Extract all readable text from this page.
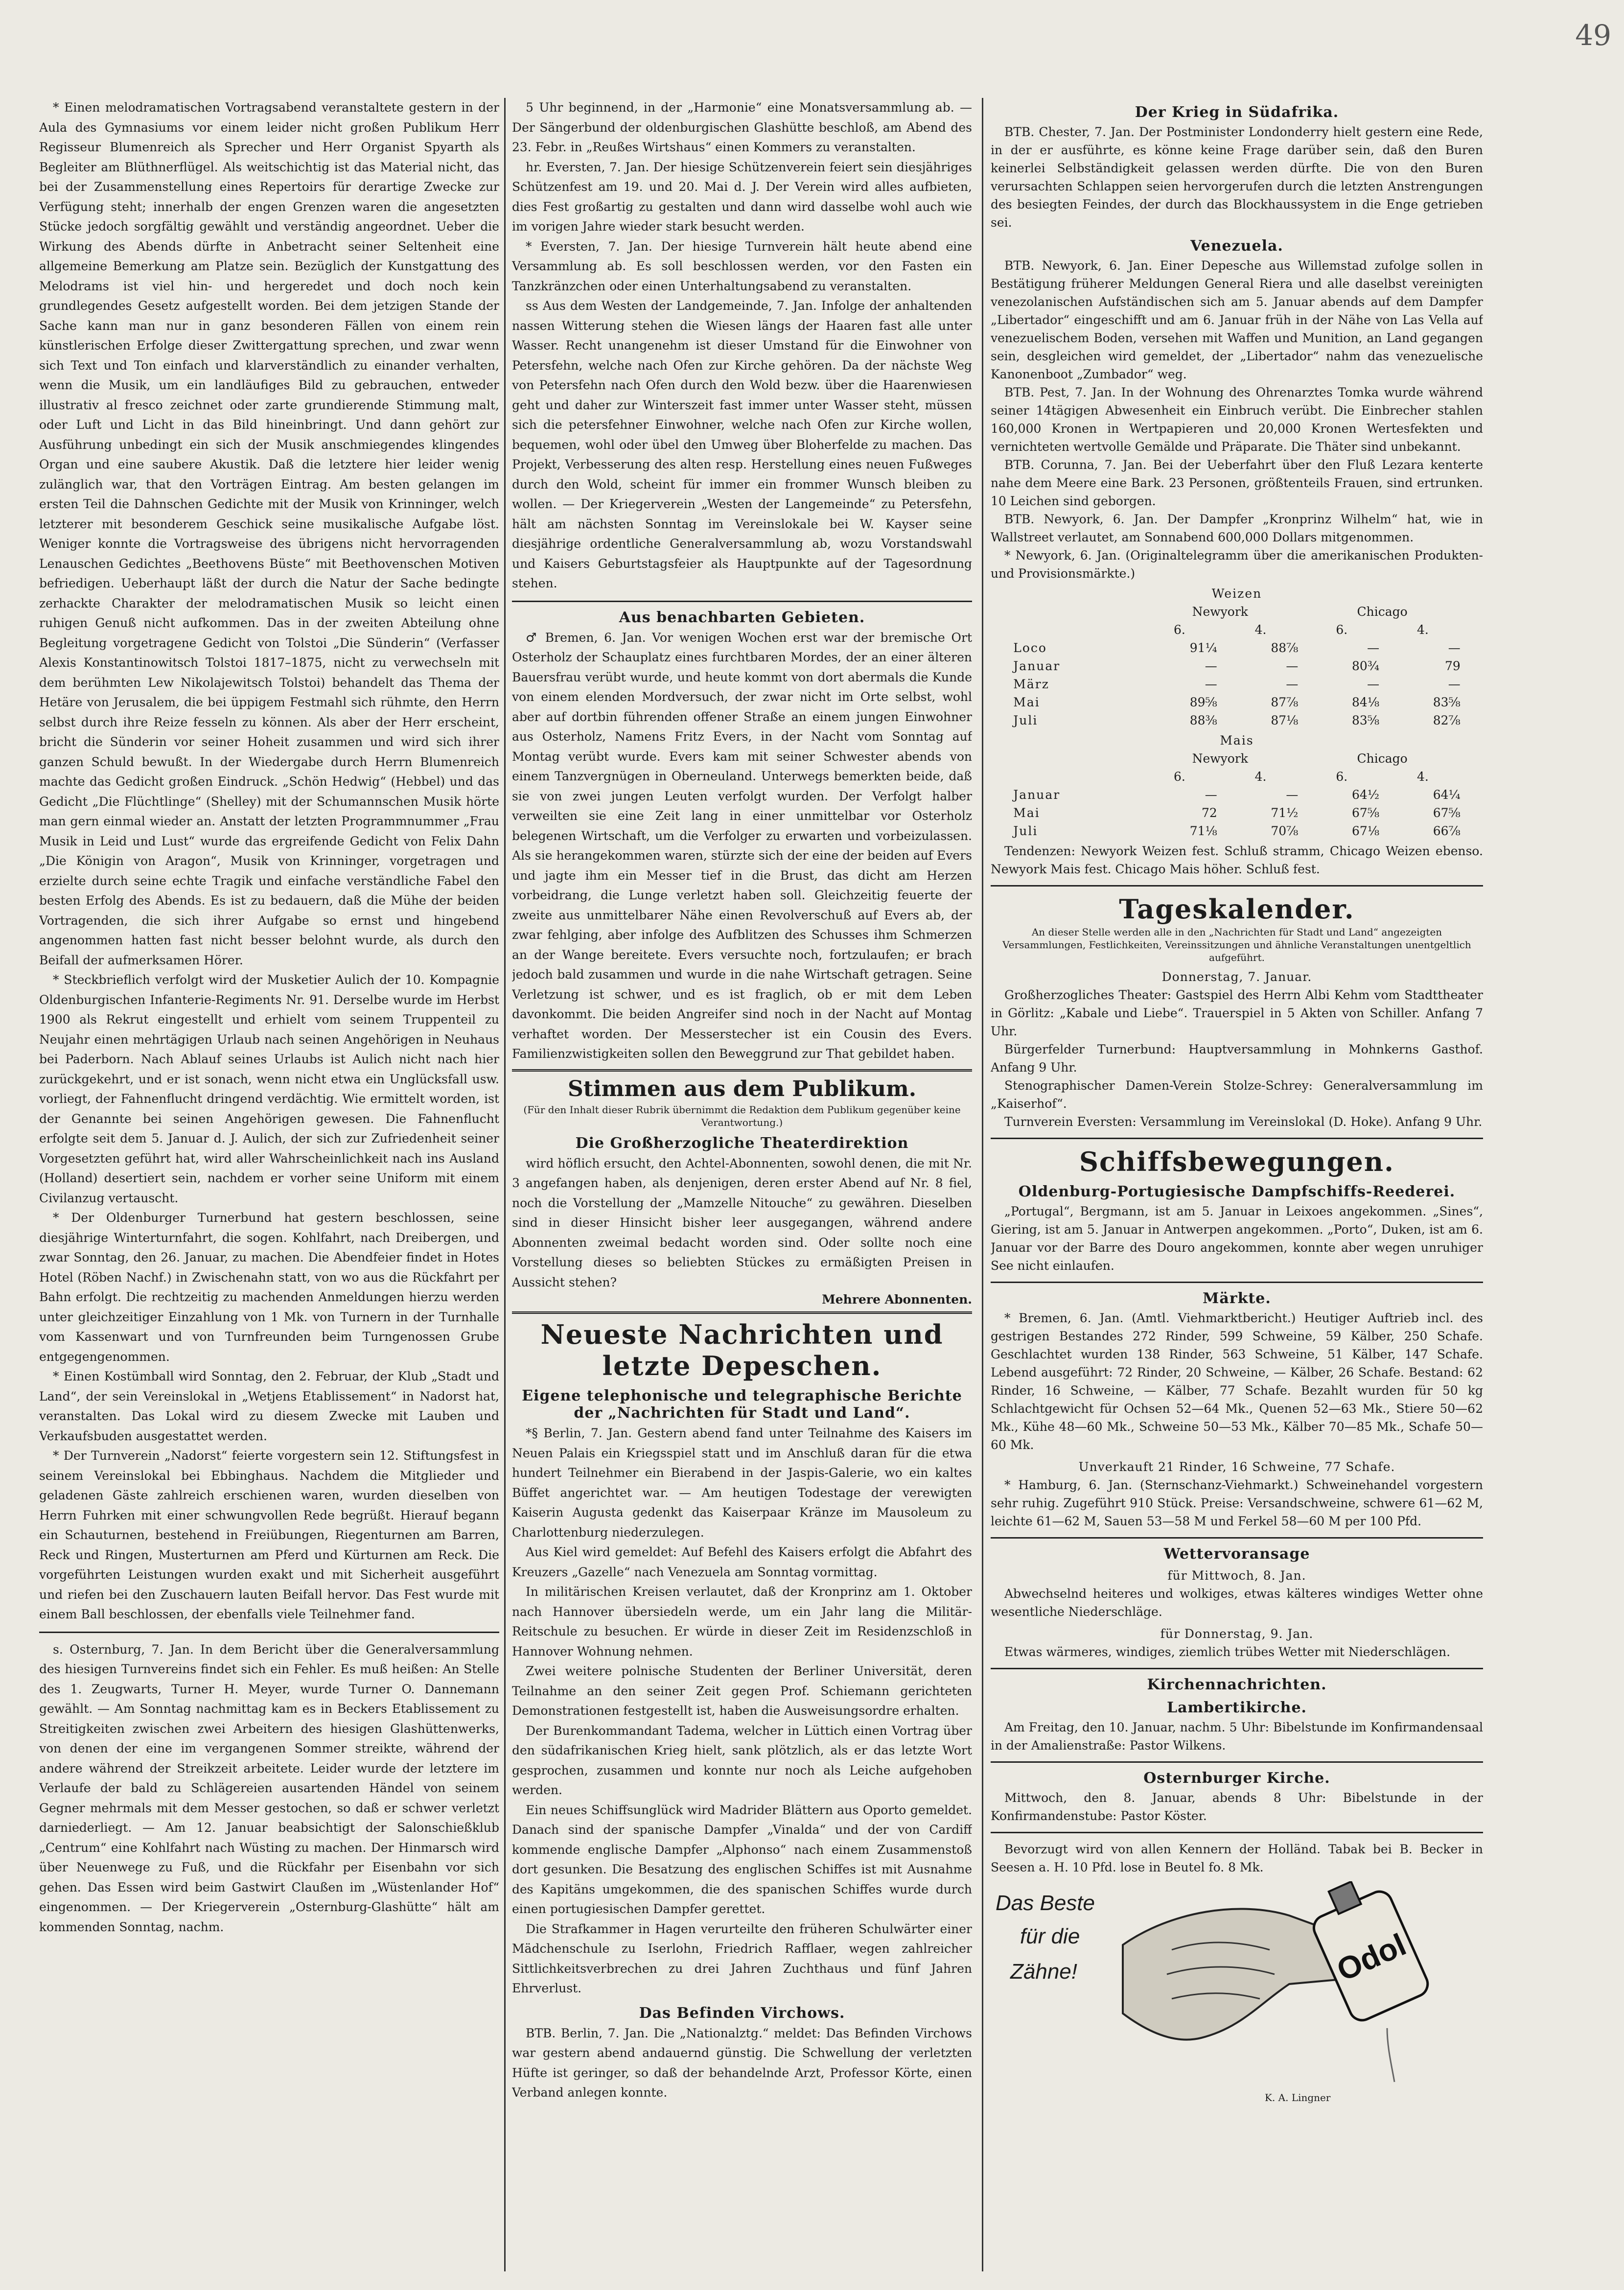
49

* Einen melodramatischen Vortragsabend veranstaltete gestern in der Aula des Gymnasiums vor einem leider nicht großen Publikum Herr Regisseur Blumenreich als Sprecher und Herr Organist Spyarth als Begleiter am Blüthnerflügel. Als weitschichtig ist das Material nicht, das bei der Zusammenstellung eines Repertoirs für derartige Zwecke zur Verfügung steht; innerhalb der engen Grenzen waren die angesetzten Stücke jedoch sorgfältig gewählt und verständig angeordnet. Ueber die Wirkung des Abends dürfte in Anbetracht seiner Seltenheit eine allgemeine Bemerkung am Platze sein. Bezüglich der Kunstgattung des Melodrams ist viel hin- und hergeredet und doch noch kein grundlegendes Gesetz aufgestellt worden. Bei dem jetzigen Stande der Sache kann man nur in ganz besonderen Fällen von einem rein künstlerischen Erfolge dieser Zwittergattung sprechen, und zwar wenn sich Text und Ton einfach und klarverständlich zu einander verhalten, wenn die Musik, um ein landläufiges Bild zu gebrauchen, entweder illustrativ al fresco zeichnet oder zarte grundierende Stimmung malt, oder Luft und Licht in das Bild hineinbringt. Und dann gehört zur Ausführung unbedingt ein sich der Musik anschmiegendes klingendes Organ und eine saubere Akustik. Daß die letztere hier leider wenig zulänglich war, that den Vorträgen Eintrag. Am besten gelangen im ersten Teil die Dahnschen Gedichte mit der Musik von Krinninger, welch letzterer mit besonderem Geschick seine musikalische Aufgabe löst. Weniger konnte die Vortragsweise des übrigens nicht hervorragenden Lenauschen Gedichtes „Beethovens Büste“ mit Beethovenschen Motiven befriedigen. Ueberhaupt läßt der durch die Natur der Sache bedingte zerhackte Charakter der melodramatischen Musik so leicht einen ruhigen Genuß nicht aufkommen. Das in der zweiten Abteilung ohne Begleitung vorgetragene Gedicht von Tolstoi „Die Sünderin“ (Verfasser Alexis Konstantinowitsch Tolstoi 1817–1875, nicht zu verwechseln mit dem berühmten Lew Nikolajewitsch Tolstoi) behandelt das Thema der Hetäre von Jerusalem, die bei üppigem Festmahl sich rühmte, den Herrn selbst durch ihre Reize fesseln zu können. Als aber der Herr erscheint, bricht die Sünderin vor seiner Hoheit zusammen und wird sich ihrer ganzen Schuld bewußt. In der Wiedergabe durch Herrn Blumenreich machte das Gedicht großen Eindruck. „Schön Hedwig“ (Hebbel) und das Gedicht „Die Flüchtlinge“ (Shelley) mit der Schumannschen Musik hörte man gern einmal wieder an. Anstatt der letzten Programmnummer „Frau Musik in Leid und Lust“ wurde das ergreifende Gedicht von Felix Dahn „Die Königin von Aragon“, Musik von Krinninger, vorgetragen und erzielte durch seine echte Tragik und einfache verständliche Fabel den besten Erfolg des Abends. Es ist zu bedauern, daß die Mühe der beiden Vortragenden, die sich ihrer Aufgabe so ernst und hingebend angenommen hatten fast nicht besser belohnt wurde, als durch den Beifall der aufmerksamen Hörer.

* Steckbrieflich verfolgt wird der Musketier Aulich der 10. Kompagnie Oldenburgischen Infanterie-Regiments Nr. 91. Derselbe wurde im Herbst 1900 als Rekrut eingestellt und erhielt vom seinem Truppenteil zu Neujahr einen mehrtägigen Urlaub nach seinen Angehörigen in Neuhaus bei Paderborn. Nach Ablauf seines Urlaubs ist Aulich nicht nach hier zurückgekehrt, und er ist sonach, wenn nicht etwa ein Unglücksfall usw. vorliegt, der Fahnenflucht dringend verdächtig. Wie ermittelt worden, ist der Genannte bei seinen Angehörigen gewesen. Die Fahnenflucht erfolgte seit dem 5. Januar d. J. Aulich, der sich zur Zufriedenheit seiner Vorgesetzten geführt hat, wird aller Wahrscheinlichkeit nach ins Ausland (Holland) desertiert sein, nachdem er vorher seine Uniform mit einem Civilanzug vertauscht.

* Der Oldenburger Turnerbund hat gestern beschlossen, seine diesjährige Winterturnfahrt, die sogen. Kohlfahrt, nach Dreibergen, und zwar Sonntag, den 26. Januar, zu machen. Die Abendfeier findet in Hotes Hotel (Röben Nachf.) in Zwischenahn statt, von wo aus die Rückfahrt per Bahn erfolgt. Die rechtzeitig zu machenden Anmeldungen hierzu werden unter gleichzeitiger Einzahlung von 1 Mk. von Turnern in der Turnhalle vom Kassenwart und von Turnfreunden beim Turngenossen Grube entgegengenommen.

* Einen Kostümball wird Sonntag, den 2. Februar, der Klub „Stadt und Land“, der sein Vereinslokal in „Wetjens Etablissement“ in Nadorst hat, veranstalten. Das Lokal wird zu diesem Zwecke mit Lauben und Verkaufsbuden ausgestattet werden.

* Der Turnverein „Nadorst“ feierte vorgestern sein 12. Stiftungsfest in seinem Vereinslokal bei Ebbinghaus. Nachdem die Mitglieder und geladenen Gäste zahlreich erschienen waren, wurden dieselben von Herrn Fuhrken mit einer schwungvollen Rede begrüßt. Hierauf begann ein Schauturnen, bestehend in Freiübungen, Riegenturnen am Barren, Reck und Ringen, Musterturnen am Pferd und Kürturnen am Reck. Die vorgeführten Leistungen wurden exakt und mit Sicherheit ausgeführt und riefen bei den Zuschauern lauten Beifall hervor. Das Fest wurde mit einem Ball beschlossen, der ebenfalls viele Teilnehmer fand.

s. Osternburg, 7. Jan. In dem Bericht über die Generalversammlung des hiesigen Turnvereins findet sich ein Fehler. Es muß heißen: An Stelle des 1. Zeugwarts, Turner H. Meyer, wurde Turner O. Dannemann gewählt. — Am Sonntag nachmittag kam es in Beckers Etablissement zu Streitigkeiten zwischen zwei Arbeitern des hiesigen Glashüttenwerks, von denen der eine im vergangenen Sommer streikte, während der andere während der Streikzeit arbeitete. Leider wurde der letztere im Verlaufe der bald zu Schlägereien ausartenden Händel von seinem Gegner mehrmals mit dem Messer gestochen, so daß er schwer verletzt darniederliegt. — Am 12. Januar beabsichtigt der Salonschießklub „Centrum“ eine Kohlfahrt nach Wüsting zu machen. Der Hinmarsch wird über Neuenwege zu Fuß, und die Rückfahr per Eisenbahn vor sich gehen. Das Essen wird beim Gastwirt Claußen im „Wüstenlander Hof“ eingenommen. — Der Kriegerverein „Osternburg-Glashütte“ hält am kommenden Sonntag, nachm.

5 Uhr beginnend, in der „Harmonie“ eine Monatsversammlung ab. — Der Sängerbund der oldenburgischen Glashütte beschloß, am Abend des 23. Febr. in „Reußes Wirtshaus“ einen Kommers zu veranstalten.

hr. Eversten, 7. Jan. Der hiesige Schützenverein feiert sein diesjähriges Schützenfest am 19. und 20. Mai d. J. Der Verein wird alles aufbieten, dies Fest großartig zu gestalten und dann wird dasselbe wohl auch wie im vorigen Jahre wieder stark besucht werden.

* Eversten, 7. Jan. Der hiesige Turnverein hält heute abend eine Versammlung ab. Es soll beschlossen werden, vor den Fasten ein Tanzkränzchen oder einen Unterhaltungsabend zu veranstalten.

ss Aus dem Westen der Landgemeinde, 7. Jan. Infolge der anhaltenden nassen Witterung stehen die Wiesen längs der Haaren fast alle unter Wasser. Recht unangenehm ist dieser Umstand für die Einwohner von Petersfehn, welche nach Ofen zur Kirche gehören. Da der nächste Weg von Petersfehn nach Ofen durch den Wold bezw. über die Haarenwiesen geht und daher zur Winterszeit fast immer unter Wasser steht, müssen sich die petersfehner Einwohner, welche nach Ofen zur Kirche wollen, bequemen, wohl oder übel den Umweg über Bloherfelde zu machen. Das Projekt, Verbesserung des alten resp. Herstellung eines neuen Fußweges durch den Wold, scheint für immer ein frommer Wunsch bleiben zu wollen. — Der Kriegerverein „Westen der Langemeinde“ zu Petersfehn, hält am nächsten Sonntag im Vereinslokale bei W. Kayser seine diesjährige ordentliche Generalversammlung ab, wozu Vorstandswahl und Kaisers Geburtstagsfeier als Hauptpunkte auf der Tagesordnung stehen.

Aus benachbarten Gebieten.

♂ Bremen, 6. Jan. Vor wenigen Wochen erst war der bremische Ort Osterholz der Schauplatz eines furchtbaren Mordes, der an einer älteren Bauersfrau verübt wurde, und heute kommt von dort abermals die Kunde von einem elenden Mordversuch, der zwar nicht im Orte selbst, wohl aber auf dortbin führenden offener Straße an einem jungen Einwohner aus Osterholz, Namens Fritz Evers, in der Nacht vom Sonntag auf Montag verübt wurde. Evers kam mit seiner Schwester abends von einem Tanzvergnügen in Oberneuland. Unterwegs bemerkten beide, daß sie von zwei jungen Leuten verfolgt wurden. Der Verfolgt halber verweilten sie eine Zeit lang in einer unmittelbar vor Osterholz belegenen Wirtschaft, um die Verfolger zu erwarten und vorbeizulassen. Als sie herangekommen waren, stürzte sich der eine der beiden auf Evers und jagte ihm ein Messer tief in die Brust, das dicht am Herzen vorbeidrang, die Lunge verletzt haben soll. Gleichzeitig feuerte der zweite aus unmittelbarer Nähe einen Revolverschuß auf Evers ab, der zwar fehlging, aber infolge des Aufblitzen des Schusses ihm Schmerzen an der Wange bereitete. Evers versuchte noch, fortzulaufen; er brach jedoch bald zusammen und wurde in die nahe Wirtschaft getragen. Seine Verletzung ist schwer, und es ist fraglich, ob er mit dem Leben davonkommt. Die beiden Angreifer sind noch in der Nacht auf Montag verhaftet worden. Der Messerstecher ist ein Cousin des Evers. Familienzwistigkeiten sollen den Beweggrund zur That gebildet haben.

Stimmen aus dem Publikum.
(Für den Inhalt dieser Rubrik übernimmt die Redaktion dem Publikum gegenüber keine Verantwortung.)
Die Großherzogliche Theaterdirektion

wird höflich ersucht, den Achtel-Abonnenten, sowohl denen, die mit Nr. 3 angefangen haben, als denjenigen, deren erster Abend auf Nr. 8 fiel, noch die Vorstellung der „Mamzelle Nitouche“ zu gewähren. Dieselben sind in dieser Hinsicht bisher leer ausgegangen, während andere Abonnenten zweimal bedacht worden sind. Oder sollte noch eine Vorstellung dieses so beliebten Stückes zu ermäßigten Preisen in Aussicht stehen?

Mehrere Abonnenten.
Neueste Nachrichten und letzte Depeschen.
Eigene telephonische und telegraphische Berichte der „Nachrichten für Stadt und Land“.

*§ Berlin, 7. Jan. Gestern abend fand unter Teilnahme des Kaisers im Neuen Palais ein Kriegsspiel statt und im Anschluß daran für die etwa hundert Teilnehmer ein Bierabend in der Jaspis-Galerie, wo ein kaltes Büffet angerichtet war. — Am heutigen Todestage der verewigten Kaiserin Augusta gedenkt das Kaiserpaar Kränze im Mausoleum zu Charlottenburg niederzulegen.

Aus Kiel wird gemeldet: Auf Befehl des Kaisers erfolgt die Abfahrt des Kreuzers „Gazelle“ nach Venezuela am Sonntag vormittag.

In militärischen Kreisen verlautet, daß der Kronprinz am 1. Oktober nach Hannover übersiedeln werde, um ein Jahr lang die Militär-Reitschule zu besuchen. Er würde in dieser Zeit im Residenzschloß in Hannover Wohnung nehmen.

Zwei weitere polnische Studenten der Berliner Universität, deren Teilnahme an den seiner Zeit gegen Prof. Schiemann gerichteten Demonstrationen festgestellt ist, haben die Ausweisungsordre erhalten.

Der Burenkommandant Tadema, welcher in Lüttich einen Vortrag über den südafrikanischen Krieg hielt, sank plötzlich, als er das letzte Wort gesprochen, zusammen und konnte nur noch als Leiche aufgehoben werden.

Ein neues Schiffsunglück wird Madrider Blättern aus Oporto gemeldet. Danach sind der spanische Dampfer „Vinalda“ und der von Cardiff kommende englische Dampfer „Alphonso“ nach einem Zusammenstoß dort gesunken. Die Besatzung des englischen Schiffes ist mit Ausnahme des Kapitäns umgekommen, die des spanischen Schiffes wurde durch einen portugiesischen Dampfer gerettet.

Die Strafkammer in Hagen verurteilte den früheren Schulwärter einer Mädchenschule zu Iserlohn, Friedrich Rafflaer, wegen zahlreicher Sittlichkeitsverbrechen zu drei Jahren Zuchthaus und fünf Jahren Ehrverlust.

Das Befinden Virchows.

BTB. Berlin, 7. Jan. Die „Nationalztg.“ meldet: Das Befinden Virchows war gestern abend andauernd günstig. Die Schwellung der verletzten Hüfte ist geringer, so daß der behandelnde Arzt, Professor Körte, einen Verband anlegen konnte.

Der Krieg in Südafrika.

BTB. Chester, 7. Jan. Der Postminister Londonderry hielt gestern eine Rede, in der er ausführte, es könne keine Frage darüber sein, daß den Buren keinerlei Selbständigkeit gelassen werden dürfte. Die von den Buren verursachten Schlappen seien hervorgerufen durch die letzten Anstrengungen des besiegten Feindes, der durch das Blockhaussystem in die Enge getrieben sei.

Venezuela.

BTB. Newyork, 6. Jan. Einer Depesche aus Willemstad zufolge sollen in Bestätigung früherer Meldungen General Riera und alle daselbst vereinigten venezolanischen Aufständischen sich am 5. Januar abends auf dem Dampfer „Libertador“ eingeschifft und am 6. Januar früh in der Nähe von Las Vella auf venezuelischem Boden, versehen mit Waffen und Munition, an Land gegangen sein, desgleichen wird gemeldet, der „Libertador“ nahm das venezuelische Kanonenboot „Zumbador“ weg.

BTB. Pest, 7. Jan. In der Wohnung des Ohrenarztes Tomka wurde während seiner 14tägigen Abwesenheit ein Einbruch verübt. Die Einbrecher stahlen 160,000 Kronen in Wertpapieren und 20,000 Kronen Wertesfekten und vernichteten wertvolle Gemälde und Präparate. Die Thäter sind unbekannt.

BTB. Corunna, 7. Jan. Bei der Ueberfahrt über den Fluß Lezara kenterte nahe dem Meere eine Bark. 23 Personen, größtenteils Frauen, sind ertrunken. 10 Leichen sind geborgen.

BTB. Newyork, 6. Jan. Der Dampfer „Kronprinz Wilhelm“ hat, wie in Wallstreet verlautet, am Sonnabend 600,000 Dollars mitgenommen.

* Newyork, 6. Jan. (Originaltelegramm über die amerikanischen Produkten- und Provisionsmärkte.)

Weizen				
	Newyork		Chicago	
	6.	4.	6.	4.
Loco	91¼	88⅞	—	—
Januar	—	—	80¾	79
März	—	—	—	—
Mai	89⅝	87⅞	84⅛	83⅝
Juli	88⅜	87⅛	83⅝	82⅞
Mais				
	Newyork		Chicago	
	6.	4.	6.	4.
Januar	—	—	64½	64¼
Mai	72	71½	67⅝	67⅝
Juli	71⅛	70⅞	67⅛	66⅞

Tendenzen: Newyork Weizen fest. Schluß stramm, Chicago Weizen ebenso. Newyork Mais fest. Chicago Mais höher. Schluß fest.

Tageskalender.
An dieser Stelle werden alle in den „Nachrichten für Stadt und Land“ angezeigten Versammlungen, Festlichkeiten, Vereinssitzungen und ähnliche Veranstaltungen unentgeltlich aufgeführt.
Donnerstag, 7. Januar.

Großherzogliches Theater: Gastspiel des Herrn Albi Kehm vom Stadttheater in Görlitz: „Kabale und Liebe“. Trauerspiel in 5 Akten von Schiller. Anfang 7 Uhr.

Bürgerfelder Turnerbund: Hauptversammlung in Mohnkerns Gasthof. Anfang 9 Uhr.

Stenographischer Damen-Verein Stolze-Schrey: Generalversammlung im „Kaiserhof“.

Turnverein Eversten: Versammlung im Vereinslokal (D. Hoke). Anfang 9 Uhr.

Schiffsbewegungen.
Oldenburg-Portugiesische Dampfschiffs-Reederei.

„Portugal“, Bergmann, ist am 5. Januar in Leixoes angekommen. „Sines“, Giering, ist am 5. Januar in Antwerpen angekommen. „Porto“, Duken, ist am 6. Januar vor der Barre des Douro angekommen, konnte aber wegen unruhiger See nicht einlaufen.

Märkte.

* Bremen, 6. Jan. (Amtl. Viehmarktbericht.) Heutiger Auftrieb incl. des gestrigen Bestandes 272 Rinder, 599 Schweine, 59 Kälber, 250 Schafe. Geschlachtet wurden 138 Rinder, 563 Schweine, 51 Kälber, 147 Schafe. Lebend ausgeführt: 72 Rinder, 20 Schweine, — Kälber, 26 Schafe. Bestand: 62 Rinder, 16 Schweine, — Kälber, 77 Schafe. Bezahlt wurden für 50 kg Schlachtgewicht für Ochsen 52—64 Mk., Quenen 52—63 Mk., Stiere 50—62 Mk., Kühe 48—60 Mk., Schweine 50—53 Mk., Kälber 70—85 Mk., Schafe 50—60 Mk.

Unverkauft 21 Rinder, 16 Schweine, 77 Schafe.

* Hamburg, 6. Jan. (Sternschanz-Viehmarkt.) Schweinehandel vorgestern sehr ruhig. Zugeführt 910 Stück. Preise: Versandschweine, schwere 61—62 M, leichte 61—62 M, Sauen 53—58 M und Ferkel 58—60 M per 100 Pfd.

Wettervoransage
für Mittwoch, 8. Jan.

Abwechselnd heiteres und wolkiges, etwas kälteres windiges Wetter ohne wesentliche Niederschläge.

für Donnerstag, 9. Jan.

Etwas wärmeres, windiges, ziemlich trübes Wetter mit Niederschlägen.

Kirchennachrichten.
Lambertikirche.

Am Freitag, den 10. Januar, nachm. 5 Uhr: Bibelstunde im Konfirmandensaal in der Amalienstraße: Pastor Wilkens.

Osternburger Kirche.

Mittwoch, den 8. Januar, abends 8 Uhr: Bibelstunde in der Konfirmandenstube: Pastor Köster.

Bevorzugt wird von allen Kennern der Holländ. Tabak bei B. Becker in Seesen a. H. 10 Pfd. lose in Beutel fo. 8 Mk.

Das Beste
für die
Zähne!	Odol
K. A. Lingner
